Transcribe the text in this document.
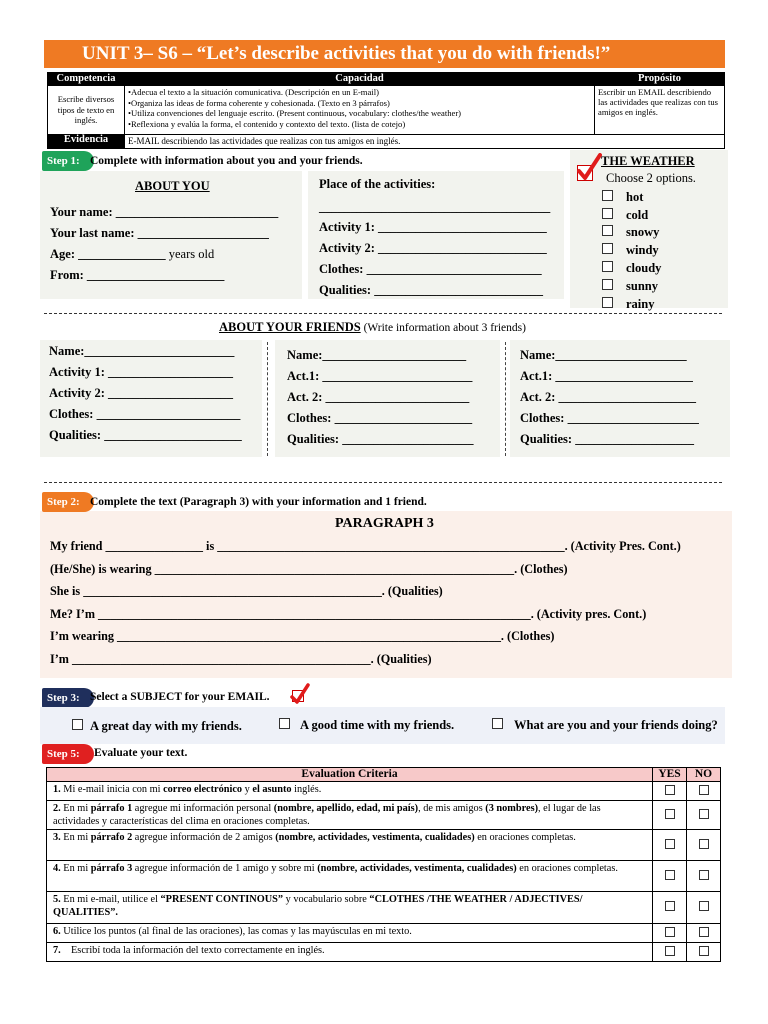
UNIT 3– S6 – “Let’s describe activities that you do with friends!”
Competencia	Capacidad	Propósito
Escribe diversos tipos de texto en inglés.	•Adecua el texto a la situación comunicativa. (Descripción en un E-mail)
•Organiza las ideas de forma coherente y cohesionada. (Texto en 3 párrafos)
•Utiliza convenciones del lenguaje escrito. (Present continuous, vocabulary: clothes/the weather)
•Reflexiona y evalúa la forma, el contenido y contexto del texto. (lista de cotejo)	Escribir un EMAIL describiendo las actividades que realizas con tus amigos en inglés.
Evidencia	E-MAIL describiendo las actividades que realizas con tus amigos en inglés.	
Step 1: Complete with information about you and your friends.
ABOUT YOU
Your name: __________________________
Your last name: _____________________
Age: ______________ years old
From: ______________________
Place of the activities:
_____________________________________
Activity 1: ___________________________
Activity 2: ___________________________
Clothes: ____________________________
Qualities: ___________________________
THE WEATHER
Choose 2 options.
hot
cold
snowy
windy
cloudy
sunny
rainy
ABOUT YOUR FRIENDS (Write information about 3 friends)
Name:________________________
Activity 1: ____________________
Activity 2: ____________________
Clothes: _______________________
Qualities: ______________________
Name:_______________________
Act.1: ________________________
Act. 2: _______________________
Clothes: ______________________
Qualities: _____________________
Name:_____________________
Act.1: ______________________
Act. 2: ______________________
Clothes: _____________________
Qualities: ___________________
Step 2: Complete the text (Paragraph 3) with your information and 1 friend.
PARAGRAPH 3
My friend ________________ is _________________________________________________________. (Activity Pres. Cont.)
(He/She) is wearing ___________________________________________________________. (Clothes)
She is _________________________________________________. (Qualities)
Me? I’m _______________________________________________________________________. (Activity pres. Cont.)
I’m wearing _______________________________________________________________. (Clothes)
I’m _________________________________________________. (Qualities)
Step 3: Select a SUBJECT for your EMAIL.
A great day with my friends.	A good time with my friends.	What are you and your friends doing?
Step 5:	Evaluate your text.
Evaluation Criteria	YES	NO
1. Mi e-mail inicia con mi correo electrónico y el asunto inglés.		
2. En mi párrafo 1 agregue mi información personal (nombre, apellido, edad, mi país), de mis amigos (3 nombres), el lugar de las actividades y características del clima en oraciones completas.		
3. En mi párrafo 2 agregue información de 2 amigos (nombre, actividades, vestimenta, cualidades) en oraciones completas.		
4. En mi párrafo 3 agregue información de 1 amigo y sobre mi (nombre, actividades, vestimenta, cualidades) en oraciones completas.		
5. En mi e-mail, utilice el “PRESENT CONTINOUS” y vocabulario sobre “CLOTHES /THE WEATHER / ADJECTIVES/ QUALITIES”.		
6. Utilice los puntos (al final de las oraciones), las comas y las mayúsculas en mi texto.		
7.    Escribí toda la información del texto correctamente en inglés.		
